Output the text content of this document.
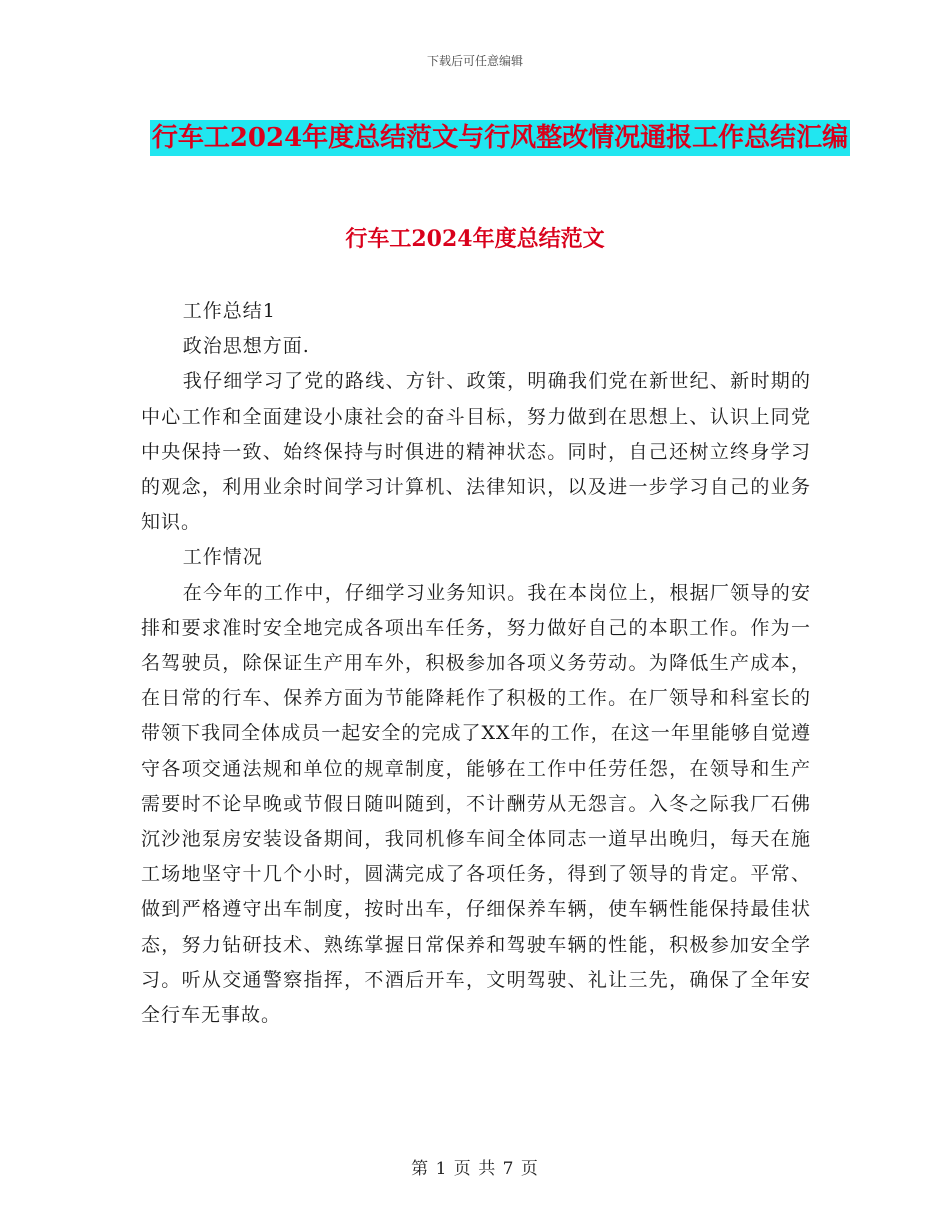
下载后可任意编辑
行车工2024年度总结范文与行风整改情况通报工作总结汇编
行车工2024年度总结范文

工作总结1

政治思想方面.

我仔细学习了党的路线、方针、政策，明确我们党在新世纪、新时期的中心工作和全面建设小康社会的奋斗目标，努力做到在思想上、认识上同党中央保持一致、始终保持与时俱进的精神状态。同时，自己还树立终身学习的观念，利用业余时间学习计算机、法律知识，以及进一步学习自己的业务知识。

工作情况

在今年的工作中，仔细学习业务知识。我在本岗位上，根据厂领导的安排和要求准时安全地完成各项出车任务，努力做好自己的本职工作。作为一名驾驶员，除保证生产用车外，积极参加各项义务劳动。为降低生产成本，在日常的行车、保养方面为节能降耗作了积极的工作。在厂领导和科室长的带领下我同全体成员一起安全的完成了XX年的工作，在这一年里能够自觉遵守各项交通法规和单位的规章制度，能够在工作中任劳任怨，在领导和生产需要时不论早晚或节假日随叫随到，不计酬劳从无怨言。入冬之际我厂石佛沉沙池泵房安装设备期间，我同机修车间全体同志一道早出晚归，每天在施工场地坚守十几个小时，圆满完成了各项任务，得到了领导的肯定。平常、做到严格遵守出车制度，按时出车，仔细保养车辆，使车辆性能保持最佳状态，努力钻研技术、熟练掌握日常保养和驾驶车辆的性能，积极参加安全学习。听从交通警察指挥，不酒后开车，文明驾驶、礼让三先，确保了全年安全行车无事故。

第 1 页 共 7 页
